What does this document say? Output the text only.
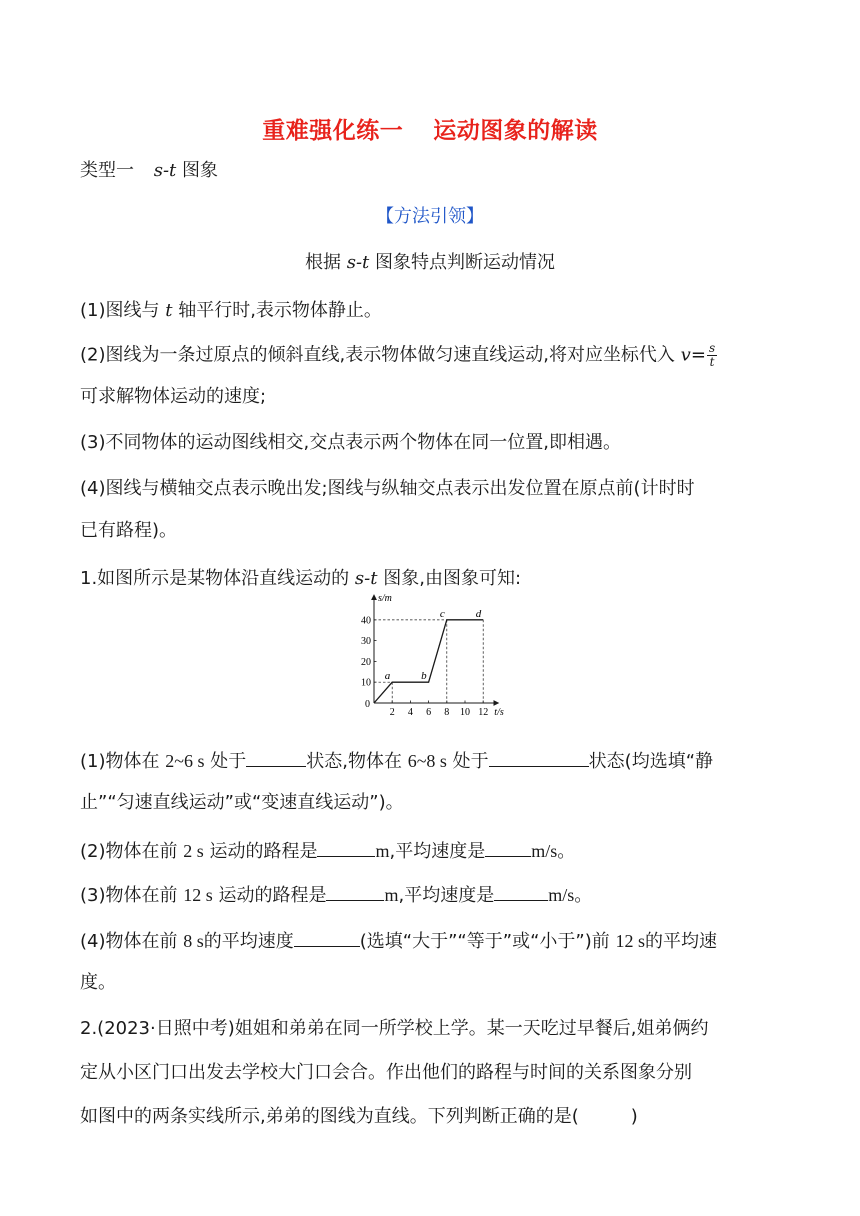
重难强化练一 运动图象的解读
类型一 s-t 图象
【方法引领】
根据 s-t 图象特点判断运动情况
(1)图线与 t 轴平行时,表示物体静止。
(2)图线为一条过原点的倾斜直线,表示物体做匀速直线运动,将对应坐标代入 $v= \frac{s}{t}$
可求解物体运动的速度;
(3)不同物体的运动图线相交,交点表示两个物体在同一位置,即相遇。
(4)图线与横轴交点表示晚出发;图线与纵轴交点表示出发位置在原点前(计时时
已有路程)。
1.如图所示是某物体沿直线运动的 s-t 图象,由图象可知:
s/m
t/s
0
2 4 6 8 10 12
10
20
30
40
a	b
c	d
(1)物体在 2~6 s 处于	状态,物体在 6~8 s 处于	状态(均选填“静
止”“匀速直线运动”或“变速直线运动”)。
(2)物体在前 2 s 运动的路程是	m,平均速度是	m/s。
(3)物体在前 12 s 运动的路程是	m,平均速度是	m/s。
(4)物体在前 8 s的平均速度	(选填“大于”“等于”或“小于”)前 12 s的平均速
度。
2.(2023·日照中考)姐姐和弟弟在同一所学校上学。某一天吃过早餐后,姐弟俩约
定从小区门口出发去学校大门口会合。作出他们的路程与时间的关系图象分别
如图中的两条实线所示,弟弟的图线为直线。下列判断正确的是(	)
